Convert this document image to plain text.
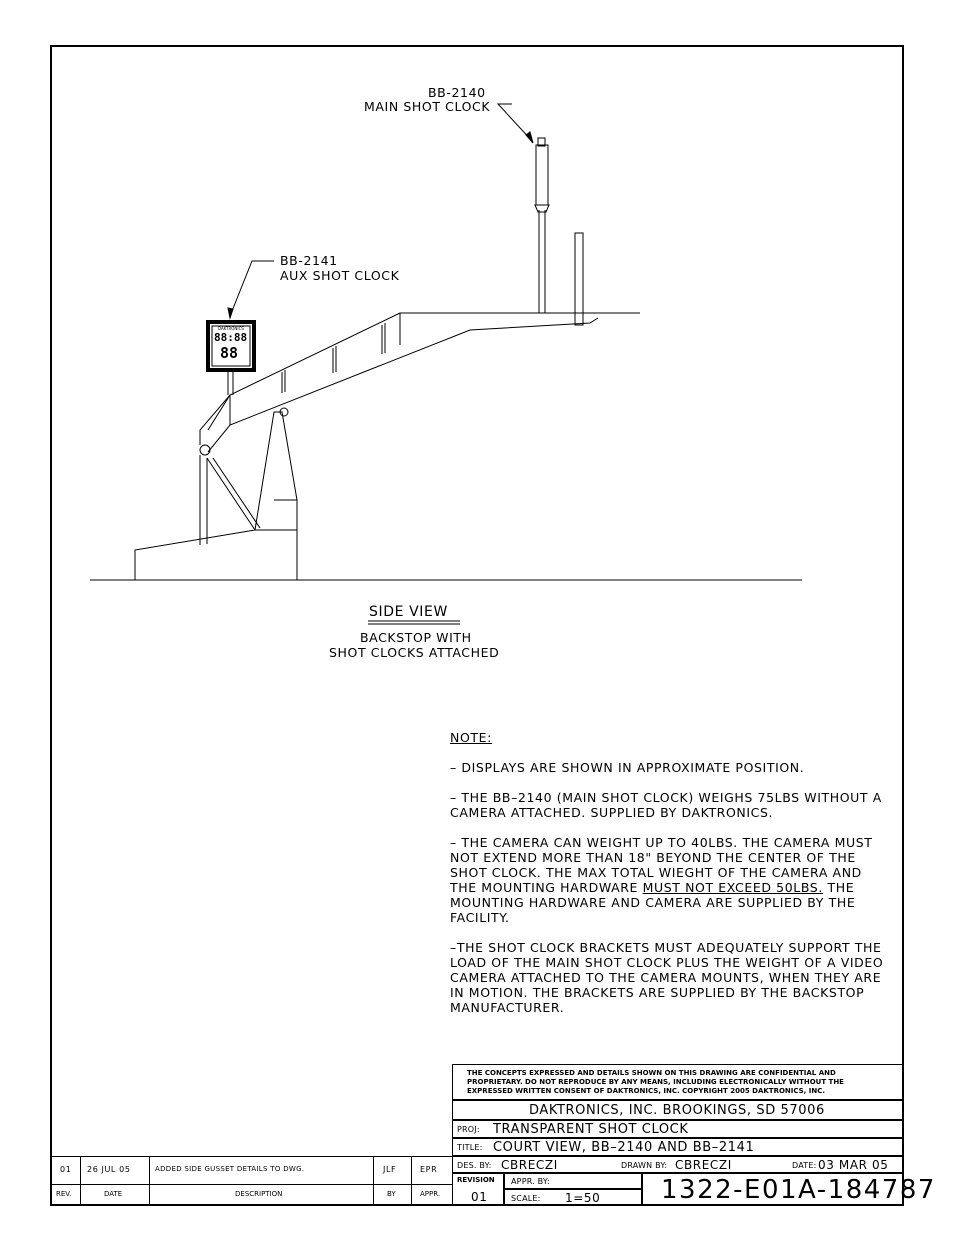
DAKTRONICS
88:88
88
BB-2140
MAIN SHOT CLOCK
BB-2141
AUX SHOT CLOCK
SIDE VIEW
BACKSTOP WITH
SHOT CLOCKS ATTACHED

NOTE:

– DISPLAYS ARE SHOWN IN APPROXIMATE POSITION.

– THE BB–2140 (MAIN SHOT CLOCK) WEIGHS 75LBS WITHOUT A CAMERA ATTACHED. SUPPLIED BY DAKTRONICS.

– THE CAMERA CAN WEIGHT UP TO 40LBS. THE CAMERA MUST NOT EXTEND MORE THAN 18" BEYOND THE CENTER OF THE SHOT CLOCK. THE MAX TOTAL WIEGHT OF THE CAMERA AND THE MOUNTING HARDWARE MUST NOT EXCEED 50LBS. THE MOUNTING HARDWARE AND CAMERA ARE SUPPLIED BY THE FACILITY.

–THE SHOT CLOCK BRACKETS MUST ADEQUATELY SUPPORT THE LOAD OF THE MAIN SHOT CLOCK PLUS THE WEIGHT OF A VIDEO CAMERA ATTACHED TO THE CAMERA MOUNTS, WHEN THEY ARE IN MOTION. THE BRACKETS ARE SUPPLIED BY THE BACKSTOP MANUFACTURER.

THE CONCEPTS EXPRESSED AND DETAILS SHOWN ON THIS DRAWING ARE CONFIDENTIAL AND
PROPRIETARY. DO NOT REPRODUCE BY ANY MEANS, INCLUDING ELECTRONICALLY WITHOUT THE
EXPRESSED WRITTEN CONSENT OF DAKTRONICS, INC. COPYRIGHT 2005 DAKTRONICS, INC.
DAKTRONICS, INC. BROOKINGS, SD 57006
PROJ: TRANSPARENT SHOT CLOCK
TITLE: COURT VIEW, BB–2140 AND BB–2141
DES. BY: CBRECZI	DRAWN BY: CBRECZI	DATE: 03 MAR 05
REVISION
01
APPR. BY:
SCALE: 1=50 1322-E01A-184787
01 26 JUL 05	ADDED SIDE GUSSET DETAILS TO DWG.	JLF	EPR
REV.	DATE	DESCRIPTION	BY	APPR.
